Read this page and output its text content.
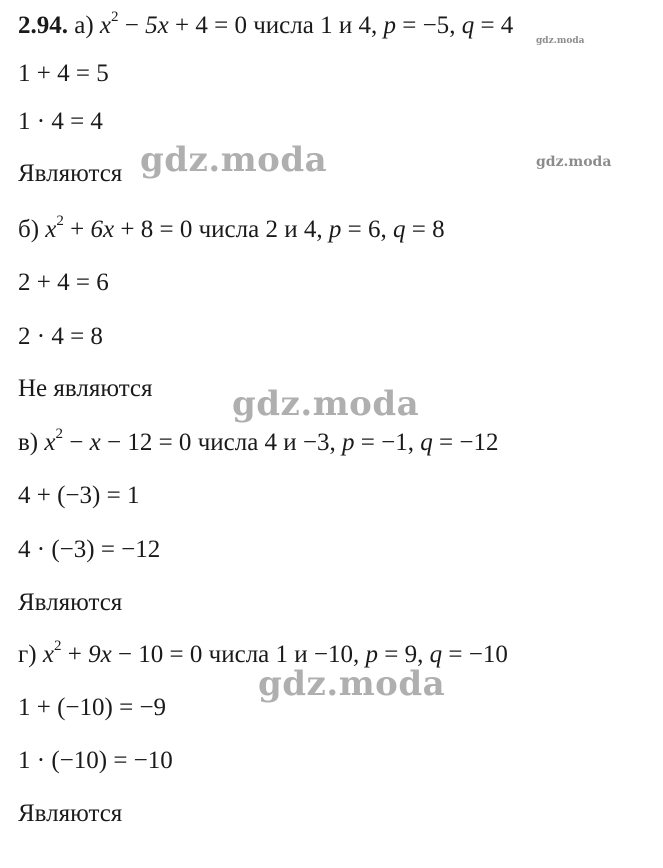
2.94. а) $x^2 - 5x + 4 = 0$ числа 1 и 4, p = −5, q = 4
1 + 4 = 5
1 · 4 = 4
Являются
б) $x^2 + 6x + 8 = 0$ числа 2 и 4, p = 6, q = 8
2 + 4 = 6
2 · 4 = 8
Не являются
в) $x^2 - x - 12 = 0$ числа 4 и −3, p = −1, q = −12
4 + (−3) = 1
4 · (−3) = −12
Являются
г) $x^2 + 9x - 10 = 0$ числа 1 и −10, p = 9, q = −10
1 + (−10) = −9
1 · (−10) = −10
Являются
gdz.moda
gdz.moda	gdz.moda
gdz.moda
gdz.moda
